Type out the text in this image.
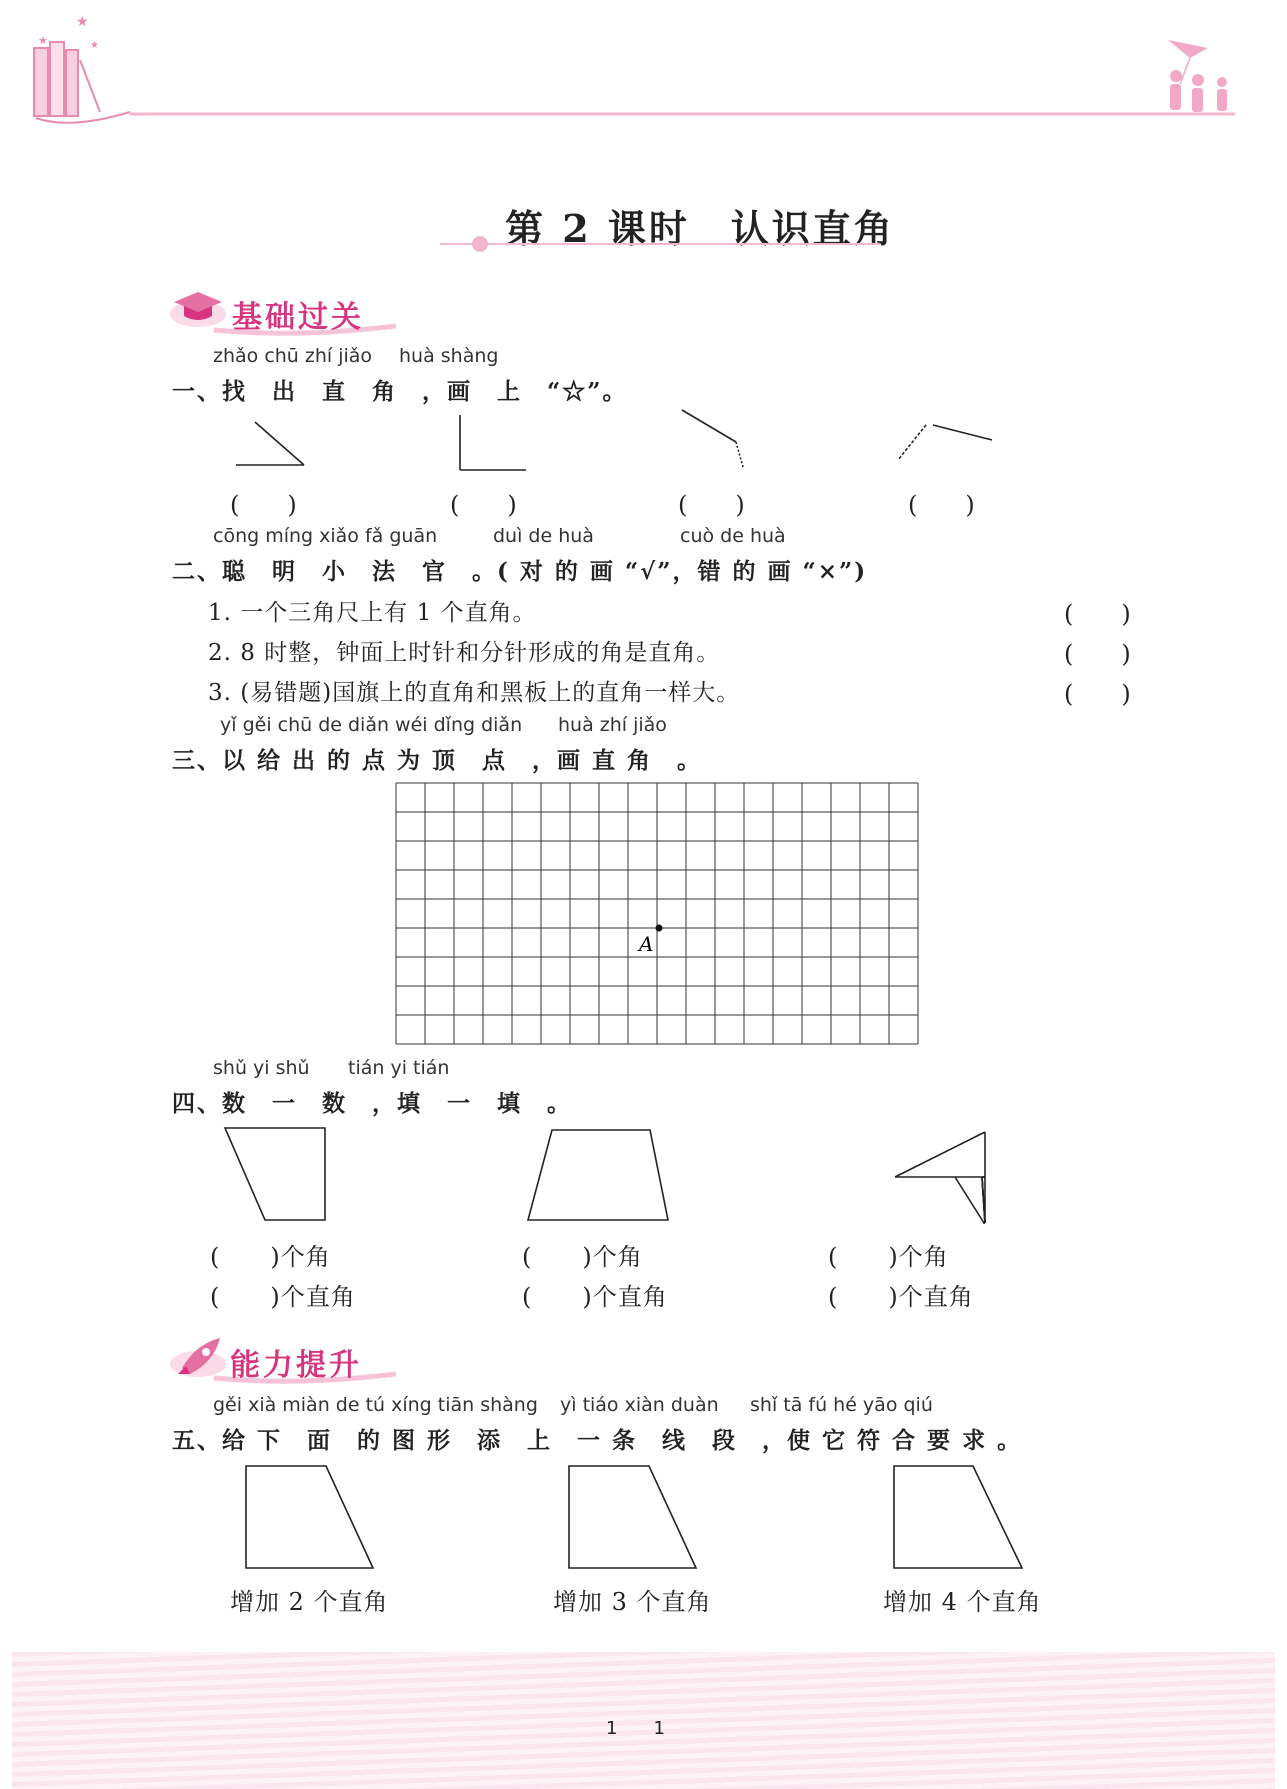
★
★	★
第 2 课时　认识直角
基础过关
zhǎo chū zhí jiǎo huà shàng
一、找　出　直　角　，画　上　“☆”。
(　　)	(　　)	(　　)	(　　)
cōng míng xiǎo fǎ guān	duì de huà	cuò de huà
二、聪　明　小　法　官　。( 对 的 画 “√”，错 的 画 “×”)
1. 一个三角尺上有 1 个直角。	(　　)
2. 8 时整，钟面上时针和分针形成的角是直角。	(　　)
3. (易错题)国旗上的直角和黑板上的直角一样大。	(　　)
yǐ gěi chū de diǎn wéi dǐng diǎn huà zhí jiǎo
三、以 给 出 的 点 为 顶　点　，画 直 角　。
A
shǔ yi shǔ tián yi tián
四、数　一　数　，填　一　填　。
(　　)个角	(　　)个角	(　　)个角
(　　)个直角	(　　)个直角	(　　)个直角
能力提升
gěi xià miàn de tú xíng tiān shàng yì tiáo xiàn duàn shǐ tā fú hé yāo qiú
五、给 下　面　的 图 形　添　上　一 条　线　段　，使 它 符 合 要 求 。
增加 2 个直角	增加 3 个直角	增加 4 个直角
1　　1
